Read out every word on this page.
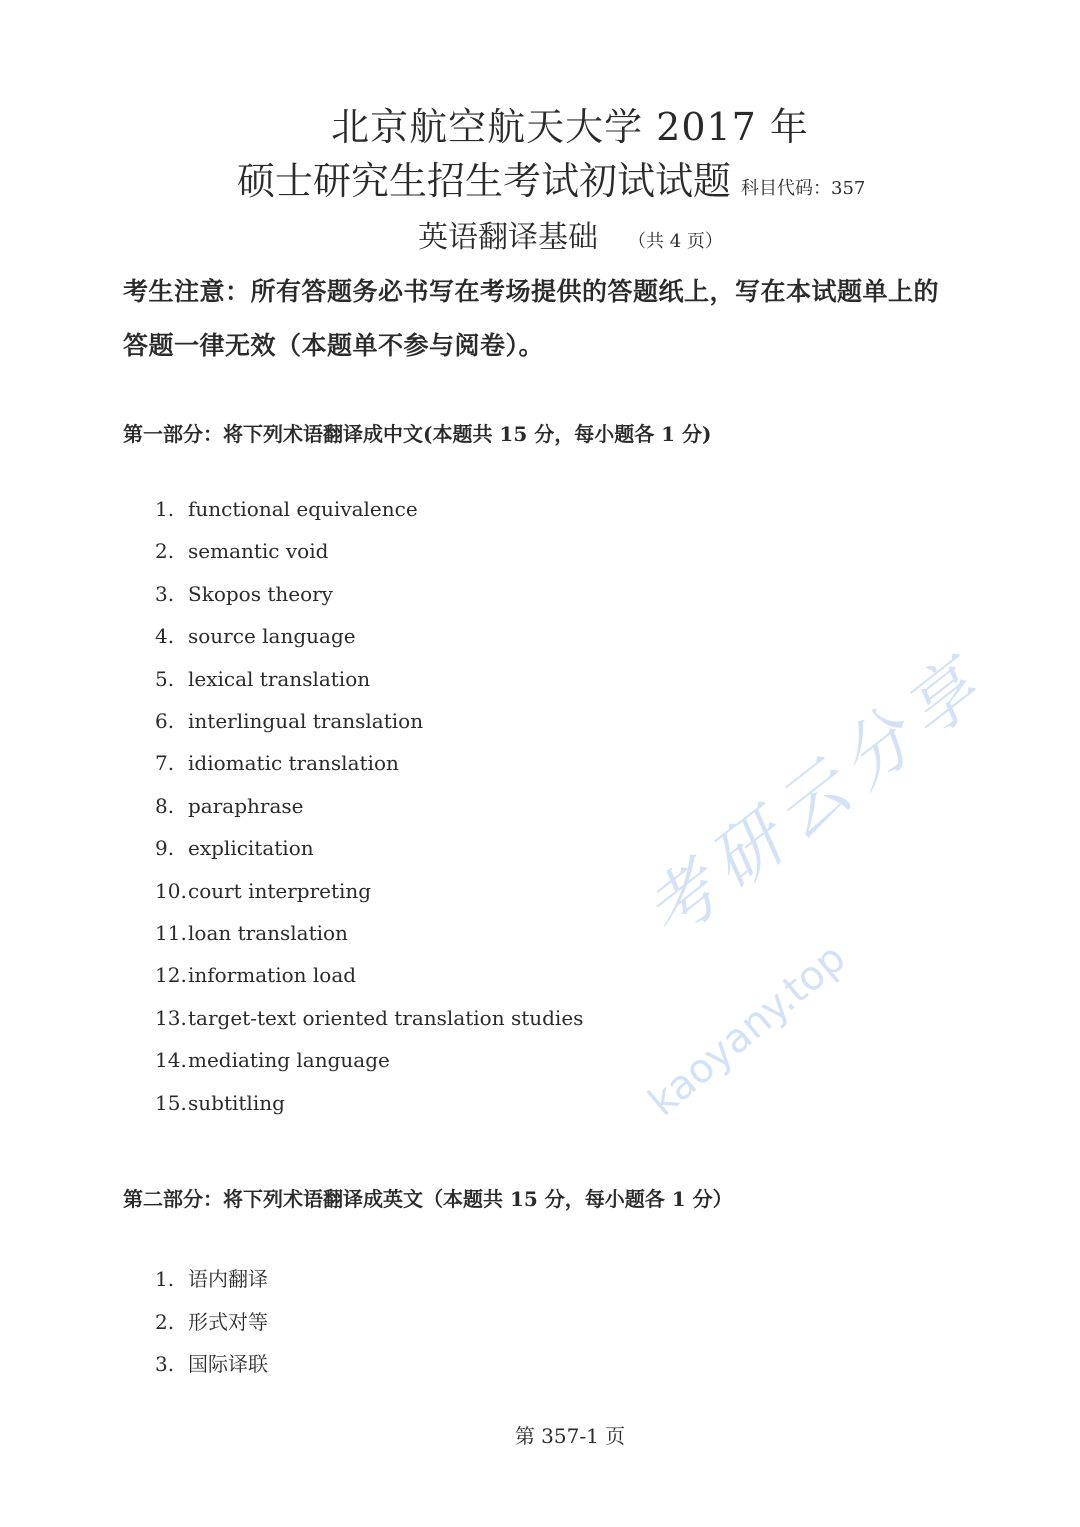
北京航空航天大学 2017 年
硕士研究生招生考试初试试题 科目代码：357
英语翻译基础 （共 4 页）
考生注意：所有答题务必书写在考场提供的答题纸上，写在本试题单上的
答题一律无效（本题单不参与阅卷）。
第一部分：将下列术语翻译成中文(本题共 15 分，每小题各 1 分)
1. functional equivalence
2. semantic void
3. Skopos theory
4. source language
5. lexical translation
6. interlingual translation
7. idiomatic translation
8. paraphrase
9. explicitation
10.court interpreting
11.loan translation
12.information load
13.target-text oriented translation studies
14.mediating language
15.subtitling
第二部分：将下列术语翻译成英文（本题共 15 分，每小题各 1 分）
1. 语内翻译
2. 形式对等
3. 国际译联
第 357-1 页
考研云分享
kaoyany.top
